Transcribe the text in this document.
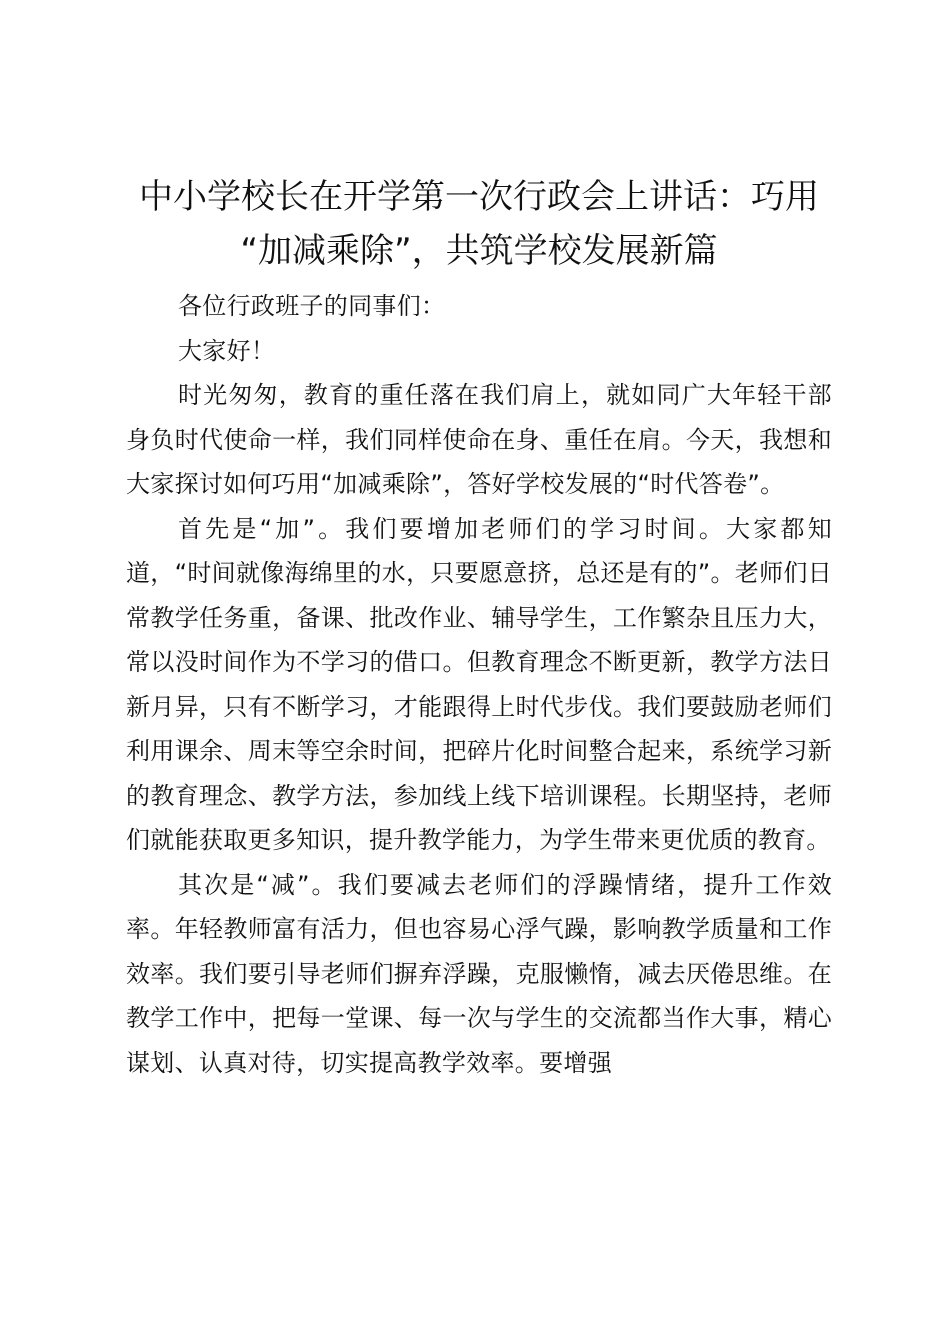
中小学校长在开学第一次行政会上讲话：巧用
“加减乘除”，共筑学校发展新篇

各位行政班子的同事们：

大家好！

时光匆匆，教育的重任落在我们肩上，就如同广大年轻干部身负时代使命一样，我们同样使命在身、重任在肩。今天，我想和大家探讨如何巧用“加减乘除”，答好学校发展的“时代答卷”。

首先是“加”。我们要增加老师们的学习时间。大家都知道，“时间就像海绵里的水，只要愿意挤，总还是有的”。老师们日常教学任务重，备课、批改作业、辅导学生，工作繁杂且压力大，常以没时间作为不学习的借口。但教育理念不断更新，教学方法日新月异，只有不断学习，才能跟得上时代步伐。我们要鼓励老师们利用课余、周末等空余时间，把碎片化时间整合起来，系统学习新的教育理念、教学方法，参加线上线下培训课程。长期坚持，老师们就能获取更多知识，提升教学能力，为学生带来更优质的教育。

其次是“减”。我们要减去老师们的浮躁情绪，提升工作效率。年轻教师富有活力，但也容易心浮气躁，影响教学质量和工作效率。我们要引导老师们摒弃浮躁，克服懒惰，减去厌倦思维。在教学工作中，把每一堂课、每一次与学生的交流都当作大事，精心谋划、认真对待，切实提高教学效率。要增强
